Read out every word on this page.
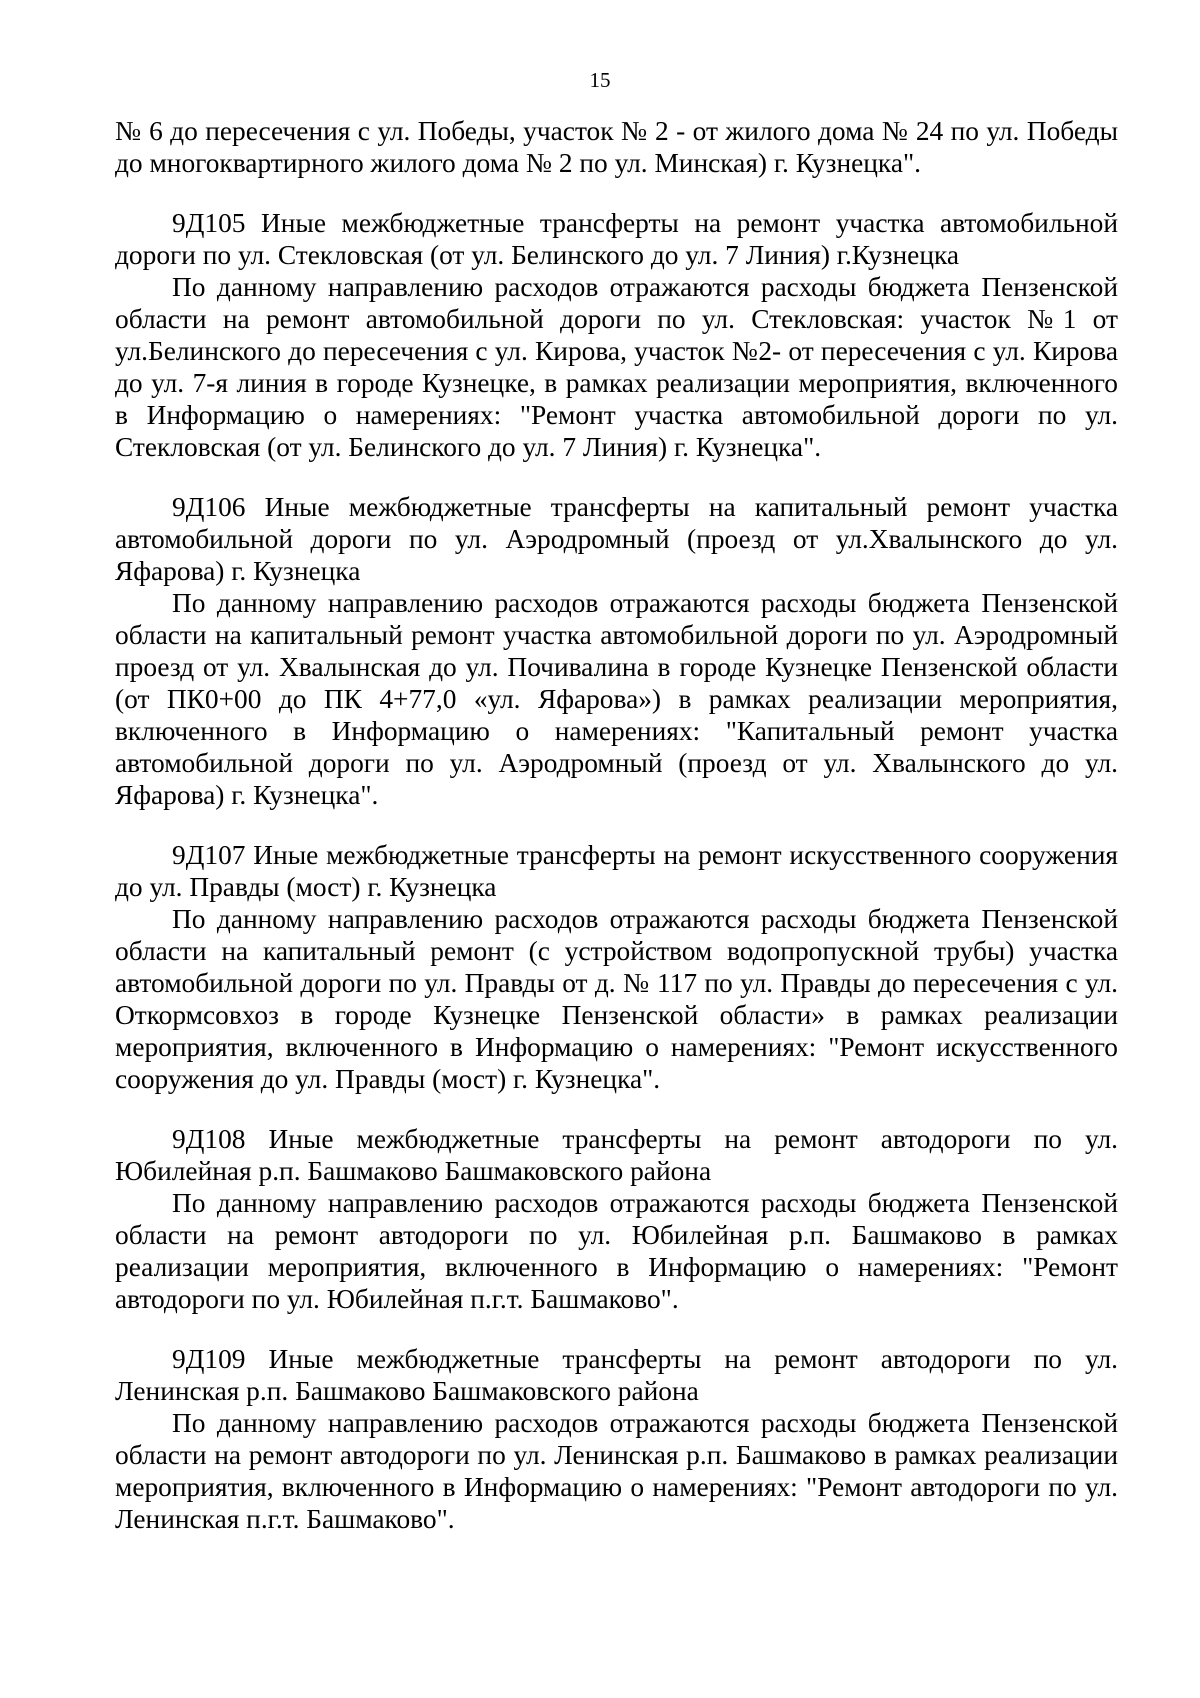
15

№ 6 до пересечения с ул. Победы, участок № 2 - от жилого дома № 24 по ул. Победы до многоквартирного жилого дома № 2 по ул. Минская) г. Кузнецка".

9Д105 Иные межбюджетные трансферты на ремонт участка автомобильной дороги по ул. Стекловская (от ул. Белинского до ул. 7 Линия) г.Кузнецка

По данному направлению расходов отражаются расходы бюджета Пензенской области на ремонт автомобильной дороги по ул. Стекловская: участок №1 от ул.Белинского до пересечения с ул. Кирова, участок №2- от пересечения с ул. Кирова до ул. 7-я линия в городе Кузнецке, в рамках реализации мероприятия, включенного в Информацию о намерениях: "Ремонт участка автомобильной дороги по ул. Стекловская (от ул. Белинского до ул. 7 Линия) г. Кузнецка".

9Д106 Иные межбюджетные трансферты на капитальный ремонт участка автомобильной дороги по ул. Аэродромный (проезд от ул.Хвалынского до ул. Яфарова) г. Кузнецка

По данному направлению расходов отражаются расходы бюджета Пензенской области на капитальный ремонт участка автомобильной дороги по ул. Аэродромный проезд от ул. Хвалынская до ул. Почивалина в городе Кузнецке Пензенской области (от ПК0+00 до ПК 4+77,0 «ул. Яфарова») в рамках реализации мероприятия, включенного в Информацию о намерениях: "Капитальный ремонт участка автомобильной дороги по ул. Аэродромный (проезд от ул. Хвалынского до ул. Яфарова) г. Кузнецка".

9Д107 Иные межбюджетные трансферты на ремонт искусственного сооружения до ул. Правды (мост) г. Кузнецка

По данному направлению расходов отражаются расходы бюджета Пензенской области на капитальный ремонт (с устройством водопропускной трубы) участка автомобильной дороги по ул. Правды от д. № 117 по ул. Правды до пересечения с ул. Откормсовхоз в городе Кузнецке Пензенской области» в рамках реализации мероприятия, включенного в Информацию о намерениях: "Ремонт искусственного сооружения до ул. Правды (мост) г. Кузнецка".

9Д108 Иные межбюджетные трансферты на ремонт автодороги по ул. Юбилейная р.п. Башмаково Башмаковского района

По данному направлению расходов отражаются расходы бюджета Пензенской области на ремонт автодороги по ул. Юбилейная р.п. Башмаково в рамках реализации мероприятия, включенного в Информацию о намерениях: "Ремонт автодороги по ул. Юбилейная п.г.т. Башмаково".

9Д109 Иные межбюджетные трансферты на ремонт автодороги по ул. Ленинская р.п. Башмаково Башмаковского района

По данному направлению расходов отражаются расходы бюджета Пензенской области на ремонт автодороги по ул. Ленинская р.п. Башмаково в рамках реализации мероприятия, включенного в Информацию о намерениях: "Ремонт автодороги по ул. Ленинская п.г.т. Башмаково".
